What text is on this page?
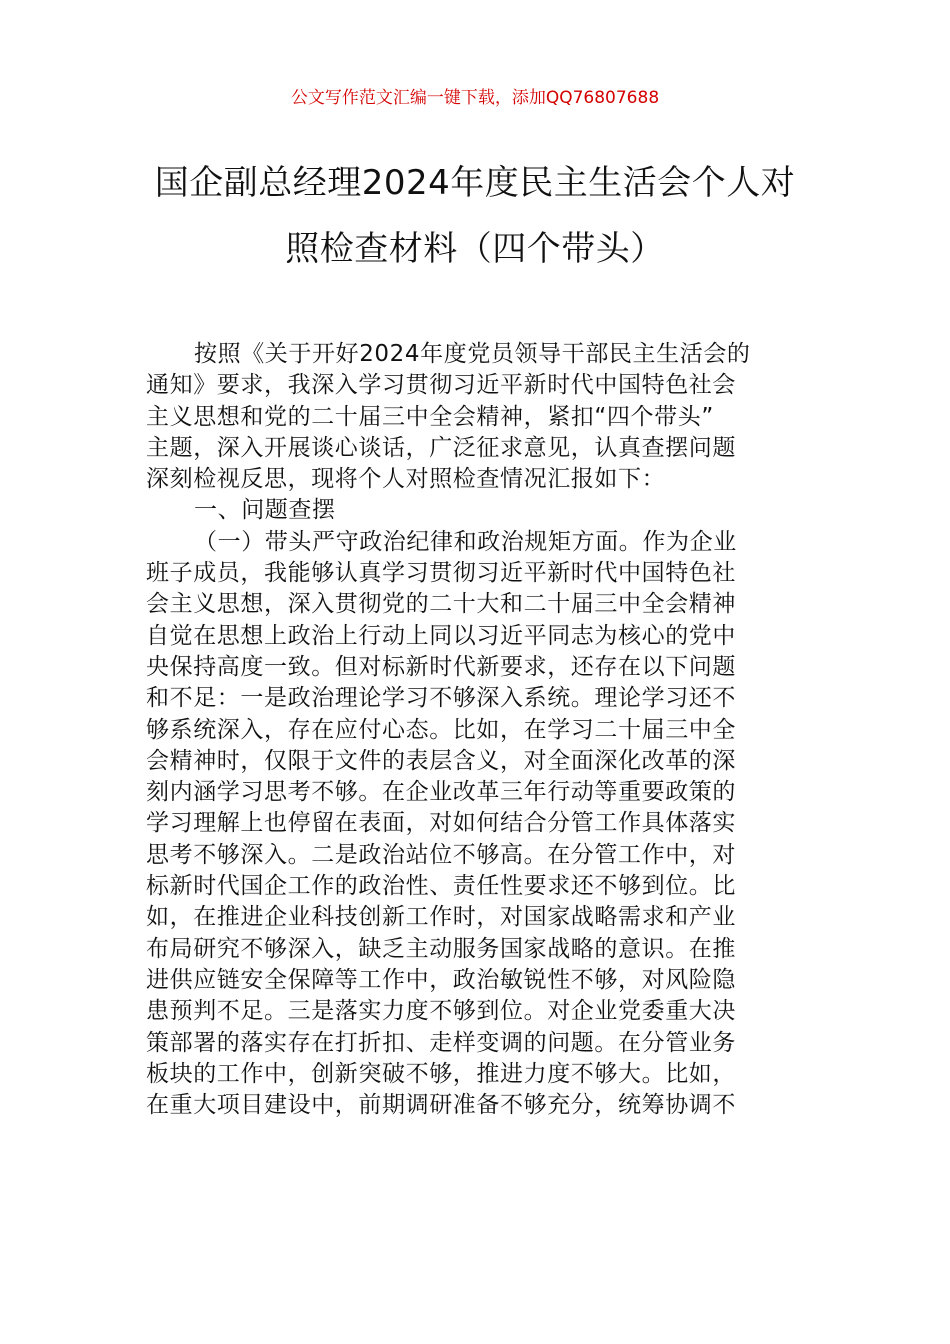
公文写作范文汇编一键下载，添加QQ76807688
国企副总经理2024年度民主生活会个人对
照检查材料（四个带头）
按照《关于开好2024年度党员领导干部民主生活会的
通知》要求，我深入学习贯彻习近平新时代中国特色社会
主义思想和党的二十届三中全会精神，紧扣“四个带头”
主题，深入开展谈心谈话，广泛征求意见，认真查摆问题
深刻检视反思，现将个人对照检查情况汇报如下：
一、问题查摆
（一）带头严守政治纪律和政治规矩方面。作为企业
班子成员，我能够认真学习贯彻习近平新时代中国特色社
会主义思想，深入贯彻党的二十大和二十届三中全会精神
自觉在思想上政治上行动上同以习近平同志为核心的党中
央保持高度一致。但对标新时代新要求，还存在以下问题
和不足：一是政治理论学习不够深入系统。理论学习还不
够系统深入，存在应付心态。比如，在学习二十届三中全
会精神时，仅限于文件的表层含义，对全面深化改革的深
刻内涵学习思考不够。在企业改革三年行动等重要政策的
学习理解上也停留在表面，对如何结合分管工作具体落实
思考不够深入。二是政治站位不够高。在分管工作中，对
标新时代国企工作的政治性、责任性要求还不够到位。比
如，在推进企业科技创新工作时，对国家战略需求和产业
布局研究不够深入，缺乏主动服务国家战略的意识。在推
进供应链安全保障等工作中，政治敏锐性不够，对风险隐
患预判不足。三是落实力度不够到位。对企业党委重大决
策部署的落实存在打折扣、走样变调的问题。在分管业务
板块的工作中，创新突破不够，推进力度不够大。比如，
在重大项目建设中，前期调研准备不够充分，统筹协调不
